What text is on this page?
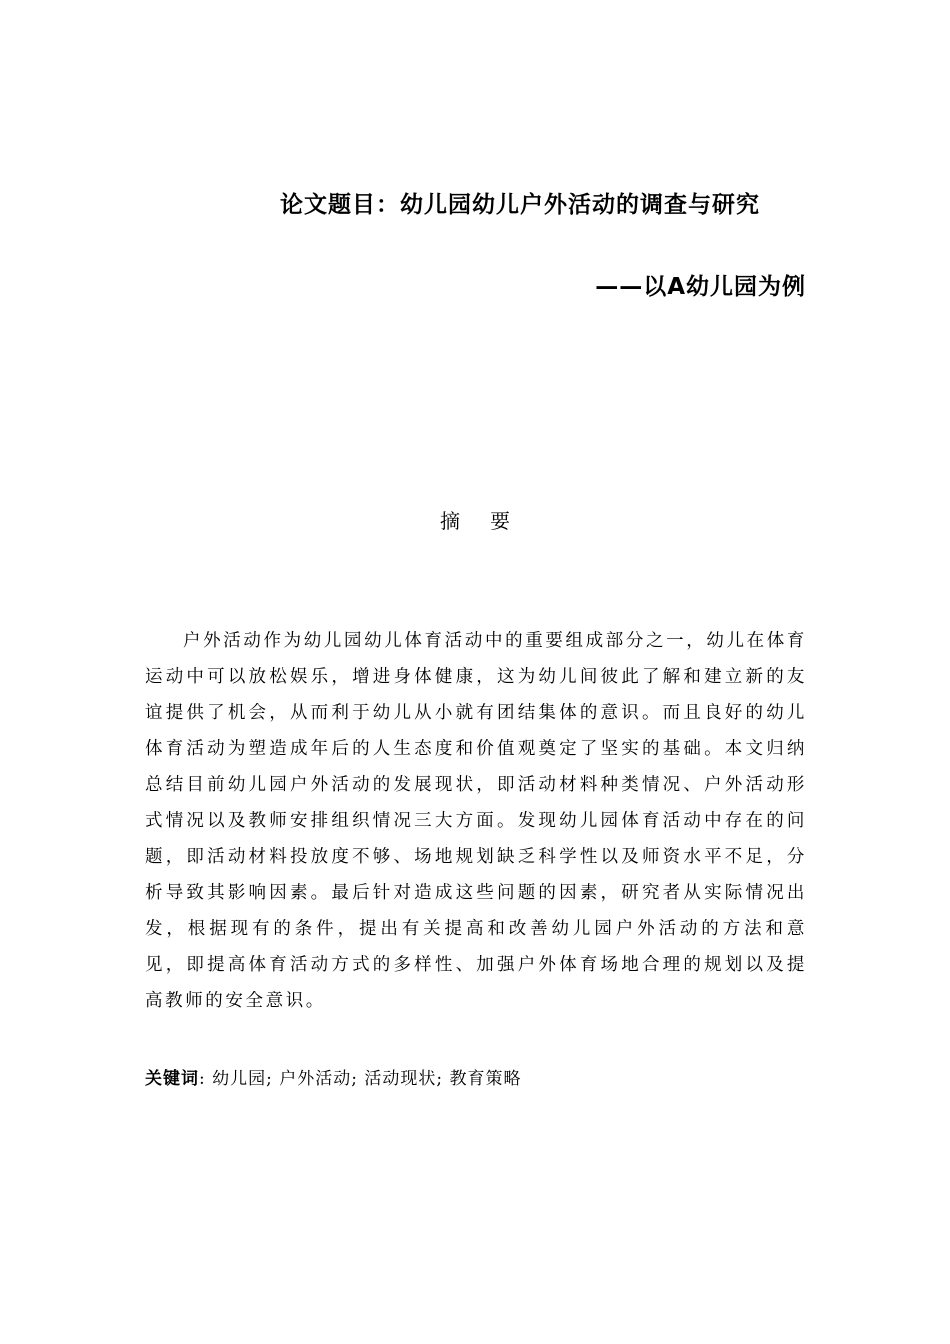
论文题目：幼儿园幼儿户外活动的调查与研究
——以A幼儿园为例
摘要
户外活动作为幼儿园幼儿体育活动中的重要组成部分之一，幼儿在体育运动中可以放松娱乐，增进身体健康，这为幼儿间彼此了解和建立新的友谊提供了机会，从而利于幼儿从小就有团结集体的意识。而且良好的幼儿体育活动为塑造成年后的人生态度和价值观奠定了坚实的基础。本文归纳总结目前幼儿园户外活动的发展现状，即活动材料种类情况、户外活动形式情况以及教师安排组织情况三大方面。发现幼儿园体育活动中存在的问题，即活动材料投放度不够、场地规划缺乏科学性以及师资水平不足，分析导致其影响因素。最后针对造成这些问题的因素，研究者从实际情况出发，根据现有的条件，提出有关提高和改善幼儿园户外活动的方法和意见，即提高体育活动方式的多样性、加强户外体育场地合理的规划以及提高教师的安全意识。
关键词: 幼儿园; 户外活动; 活动现状; 教育策略
